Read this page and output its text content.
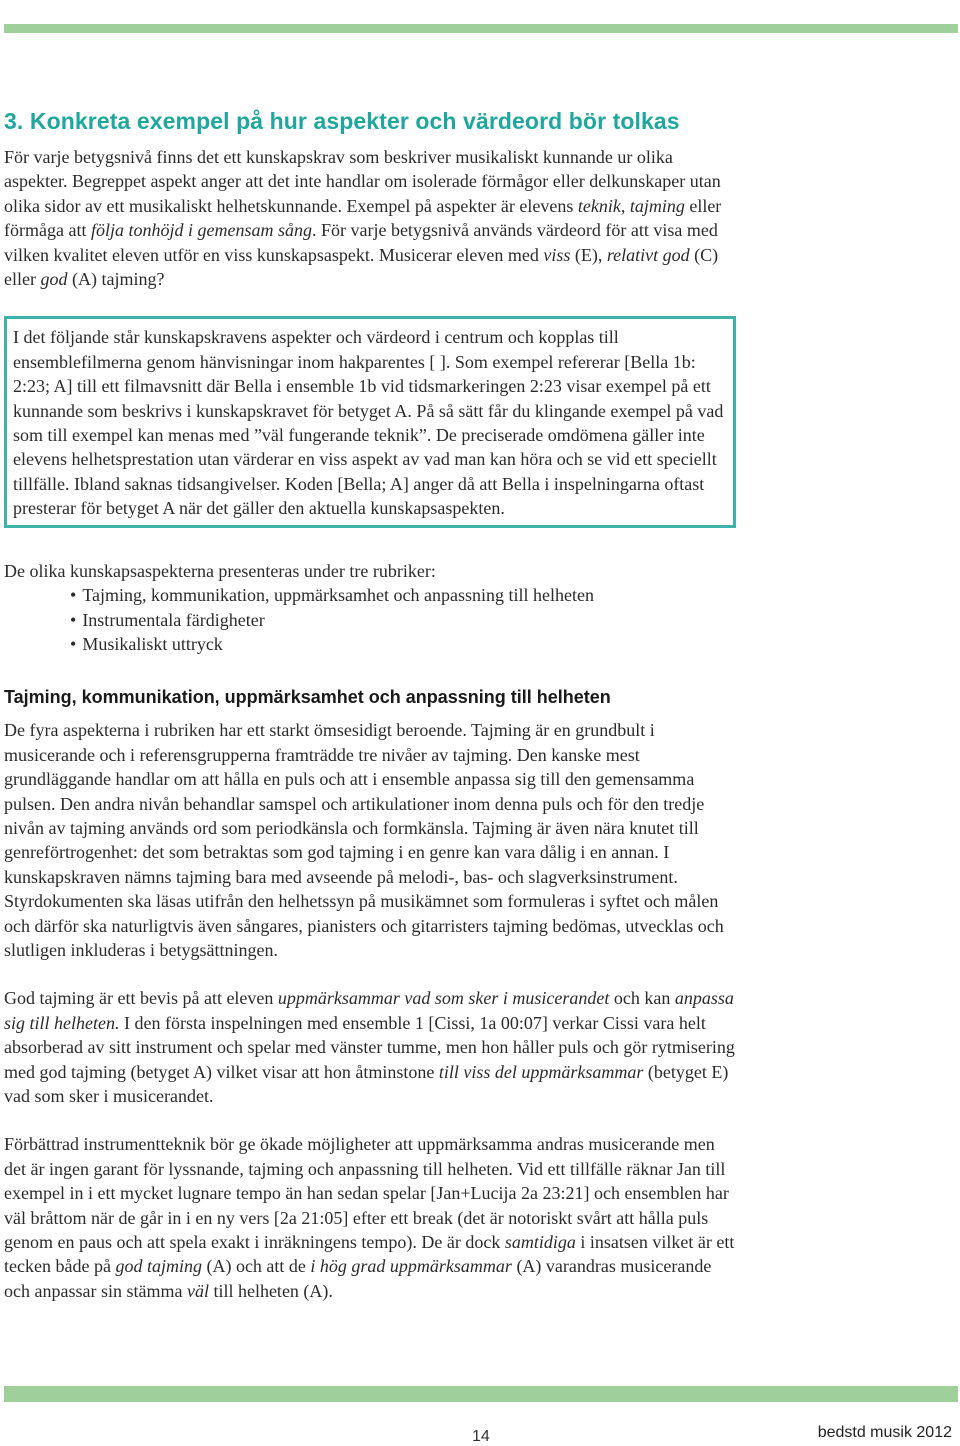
3. Konkreta exempel på hur aspekter och värdeord bör tolkas

För varje betygsnivå finns det ett kunskapskrav som beskriver musikaliskt kunnande ur olika aspekter. Begreppet aspekt anger att det inte handlar om isolerade förmågor eller delkunskaper utan olika sidor av ett musikaliskt helhetskunnande. Exempel på aspekter är elevens teknik, tajming eller förmåga att följa tonhöjd i gemensam sång. För varje betygsnivå används värdeord för att visa med vilken kvalitet eleven utför en viss kunskapsaspekt. Musicerar eleven med viss (E), relativt god (C) eller god (A) tajming?

I det följande står kunskapskravens aspekter och värdeord i centrum och kopplas till ensemblefilmerna genom hänvisningar inom hakparentes [ ]. Som exempel refererar [Bella 1b: 2:23; A] till ett filmavsnitt där Bella i ensemble 1b vid tidsmarkeringen 2:23 visar exempel på ett kunnande som beskrivs i kunskapskravet för betyget A. På så sätt får du klingande exempel på vad som till exempel kan menas med ”väl fungerande teknik”. De preciserade omdömena gäller inte elevens helhetsprestation utan värderar en viss aspekt av vad man kan höra och se vid ett speciellt tillfälle. Ibland saknas tidsangivelser. Koden [Bella; A] anger då att Bella i inspelningarna oftast presterar för betyget A när det gäller den aktuella kunskapsaspekten.

De olika kunskapsaspekterna presenteras under tre rubriker:

• Tajming, kommunikation, uppmärksamhet och anpassning till helheten
• Instrumentala färdigheter
• Musikaliskt uttryck
Tajming, kommunikation, uppmärksamhet och anpassning till helheten

De fyra aspekterna i rubriken har ett starkt ömsesidigt beroende. Tajming är en grundbult i musicerande och i referensgrupperna framträdde tre nivåer av tajming. Den kanske mest grundläggande handlar om att hålla en puls och att i ensemble anpassa sig till den gemensamma pulsen. Den andra nivån behandlar samspel och artikulationer inom denna puls och för den tredje nivån av tajming används ord som periodkänsla och formkänsla. Tajming är även nära knutet till genreförtrogenhet: det som betraktas som god tajming i en genre kan vara dålig i en annan. I kunskapskraven nämns tajming bara med avseende på melodi-, bas- och slagverksinstrument. Styrdokumenten ska läsas utifrån den helhetssyn på musikämnet som formuleras i syftet och målen och därför ska naturligtvis även sångares, pianisters och gitarristers tajming bedömas, utvecklas och slutligen inkluderas i betygsättningen.

God tajming är ett bevis på att eleven uppmärksammar vad som sker i musicerandet och kan anpassa sig till helheten. I den första inspelningen med ensemble 1 [Cissi, 1a 00:07] verkar Cissi vara helt absorberad av sitt instrument och spelar med vänster tumme, men hon håller puls och gör rytmisering med god tajming (betyget A) vilket visar att hon åtminstone till viss del uppmärksammar (betyget E) vad som sker i musicerandet.

Förbättrad instrumentteknik bör ge ökade möjligheter att uppmärksamma andras musicerande men det är ingen garant för lyssnande, tajming och anpassning till helheten. Vid ett tillfälle räknar Jan till exempel in i ett mycket lugnare tempo än han sedan spelar [Jan+Lucija 2a 23:21] och ensemblen har väl bråttom när de går in i en ny vers [2a 21:05] efter ett break (det är notoriskt svårt att hålla puls genom en paus och att spela exakt i inräkningens tempo). De är dock samtidiga i insatsen vilket är ett tecken både på god tajming (A) och att de i hög grad uppmärksammar (A) varandras musicerande och anpassar sin stämma väl till helheten (A).

14	bedstd musik 2012
